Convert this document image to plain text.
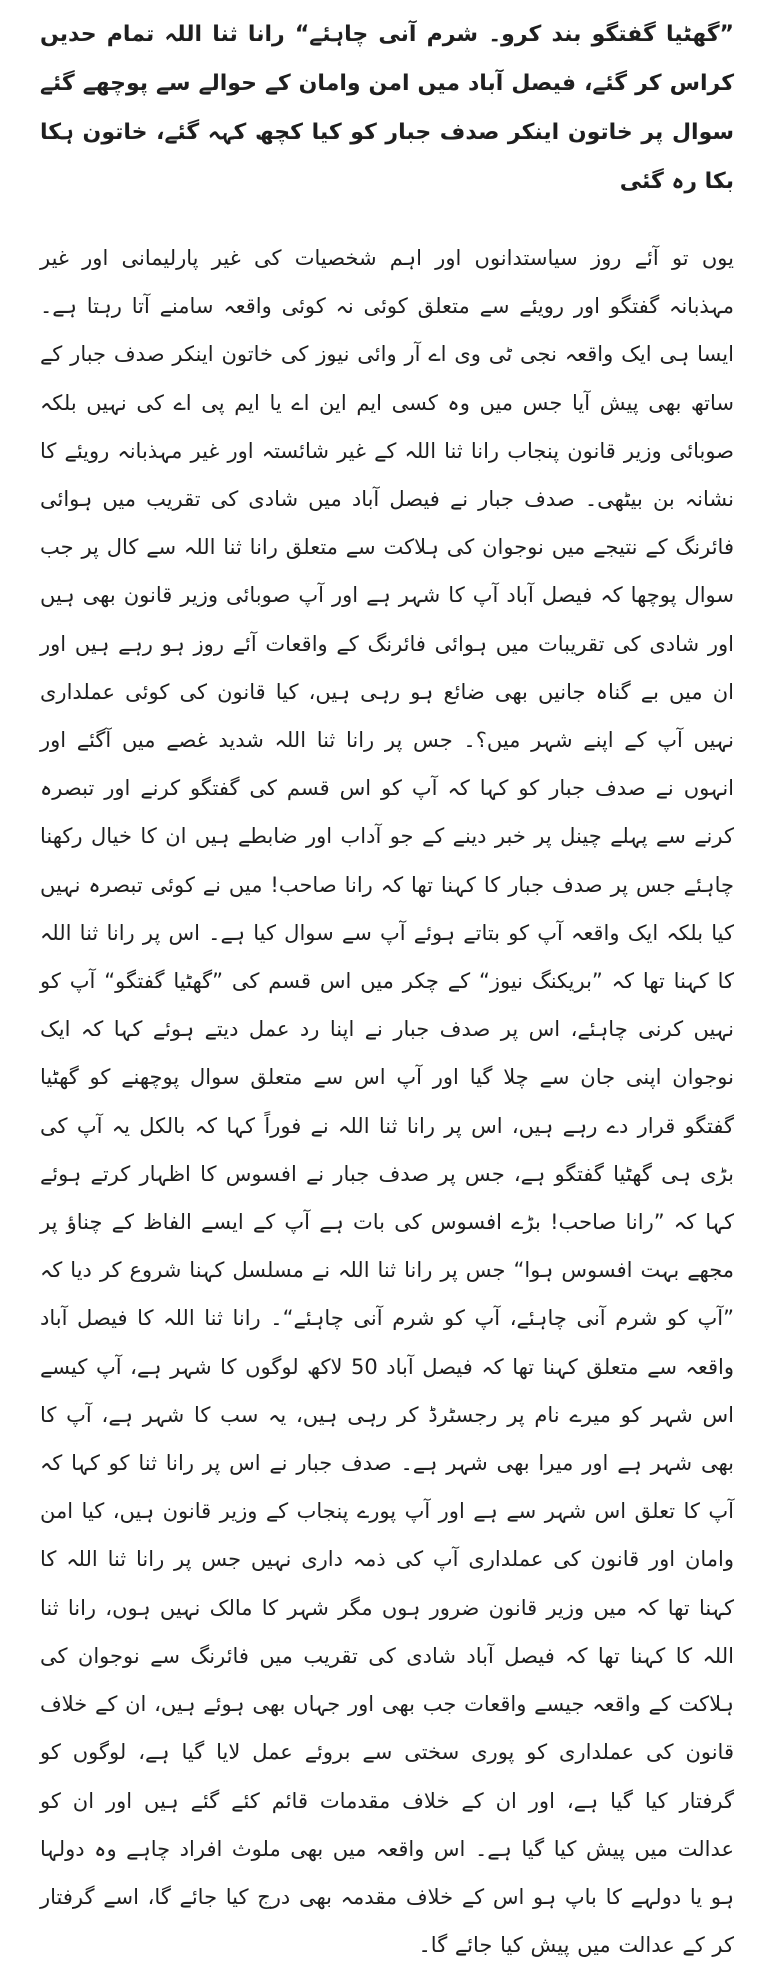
”گھٹیا گفتگو بند کرو۔ شرم آنی چاہئے“ رانا ثنا اللہ تمام حدیں کراس کر گئے، فیصل آباد میں امن وامان کے حوالے سے پوچھے گئے سوال پر خاتون اینکر صدف جبار کو کیا کچھ کہہ گئے، خاتون ہکا بکا رہ گئی

یوں تو آئے روز سیاستدانوں اور اہم شخصیات کی غیر پارلیمانی اور غیر مہذبانہ گفتگو اور رویئے سے متعلق کوئی نہ کوئی واقعہ سامنے آتا رہتا ہے۔ ایسا ہی ایک واقعہ نجی ٹی وی اے آر وائی نیوز کی خاتون اینکر صدف جبار کے ساتھ بھی پیش آیا جس میں وہ کسی ایم این اے یا ایم پی اے کی نہیں بلکہ صوبائی وزیر قانون پنجاب رانا ثنا اللہ کے غیر شائستہ اور غیر مہذبانہ رویئے کا نشانہ بن بیٹھی۔ صدف جبار نے فیصل آباد میں شادی کی تقریب میں ہوائی فائرنگ کے نتیجے میں نوجوان کی ہلاکت سے متعلق رانا ثنا اللہ سے کال پر جب سوال پوچھا کہ فیصل آباد آپ کا شہر ہے اور آپ صوبائی وزیر قانون بھی ہیں اور شادی کی تقریبات میں ہوائی فائرنگ کے واقعات آئے روز ہو رہے ہیں اور ان میں بے گناہ جانیں بھی ضائع ہو رہی ہیں، کیا قانون کی کوئی عملداری نہیں آپ کے اپنے شہر میں؟۔ جس پر رانا ثنا اللہ شدید غصے میں آگئے اور انہوں نے صدف جبار کو کہا کہ آپ کو اس قسم کی گفتگو کرنے اور تبصرہ کرنے سے پہلے چینل پر خبر دینے کے جو آداب اور ضابطے ہیں ان کا خیال رکھنا چاہئے جس پر صدف جبار کا کہنا تھا کہ رانا صاحب! میں نے کوئی تبصرہ نہیں کیا بلکہ ایک واقعہ آپ کو بتاتے ہوئے آپ سے سوال کیا ہے۔ اس پر رانا ثنا اللہ کا کہنا تھا کہ ”بریکنگ نیوز“ کے چکر میں اس قسم کی ”گھٹیا گفتگو“ آپ کو نہیں کرنی چاہئے، اس پر صدف جبار نے اپنا رد عمل دیتے ہوئے کہا کہ ایک نوجوان اپنی جان سے چلا گیا اور آپ اس سے متعلق سوال پوچھنے کو گھٹیا گفتگو قرار دے رہے ہیں، اس پر رانا ثنا اللہ نے فوراً کہا کہ بالکل یہ آپ کی بڑی ہی گھٹیا گفتگو ہے، جس پر صدف جبار نے افسوس کا اظہار کرتے ہوئے کہا کہ ”رانا صاحب! بڑے افسوس کی بات ہے آپ کے ایسے الفاظ کے چناؤ پر مجھے بہت افسوس ہوا“ جس پر رانا ثنا اللہ نے مسلسل کہنا شروع کر دیا کہ ”آپ کو شرم آنی چاہئے، آپ کو شرم آنی چاہئے“۔ رانا ثنا اللہ کا فیصل آباد واقعہ سے متعلق کہنا تھا کہ فیصل آباد 50 لاکھ لوگوں کا شہر ہے، آپ کیسے اس شہر کو میرے نام پر رجسٹرڈ کر رہی ہیں، یہ سب کا شہر ہے، آپ کا بھی شہر ہے اور میرا بھی شہر ہے۔ صدف جبار نے اس پر رانا ثنا کو کہا کہ آپ کا تعلق اس شہر سے ہے اور آپ پورے پنجاب کے وزیر قانون ہیں، کیا امن وامان اور قانون کی عملداری آپ کی ذمہ داری نہیں جس پر رانا ثنا اللہ کا کہنا تھا کہ میں وزیر قانون ضرور ہوں مگر شہر کا مالک نہیں ہوں، رانا ثنا اللہ کا کہنا تھا کہ فیصل آباد شادی کی تقریب میں فائرنگ سے نوجوان کی ہلاکت کے واقعہ جیسے واقعات جب بھی اور جہاں بھی ہوئے ہیں، ان کے خلاف قانون کی عملداری کو پوری سختی سے بروئے عمل لایا گیا ہے، لوگوں کو گرفتار کیا گیا ہے، اور ان کے خلاف مقدمات قائم کئے گئے ہیں اور ان کو عدالت میں پیش کیا گیا ہے۔ اس واقعہ میں بھی ملوث افراد چاہے وہ دولہا ہو یا دولہے کا باپ ہو اس کے خلاف مقدمہ بھی درج کیا جائے گا، اسے گرفتار کر کے عدالت میں پیش کیا جائے گا۔
